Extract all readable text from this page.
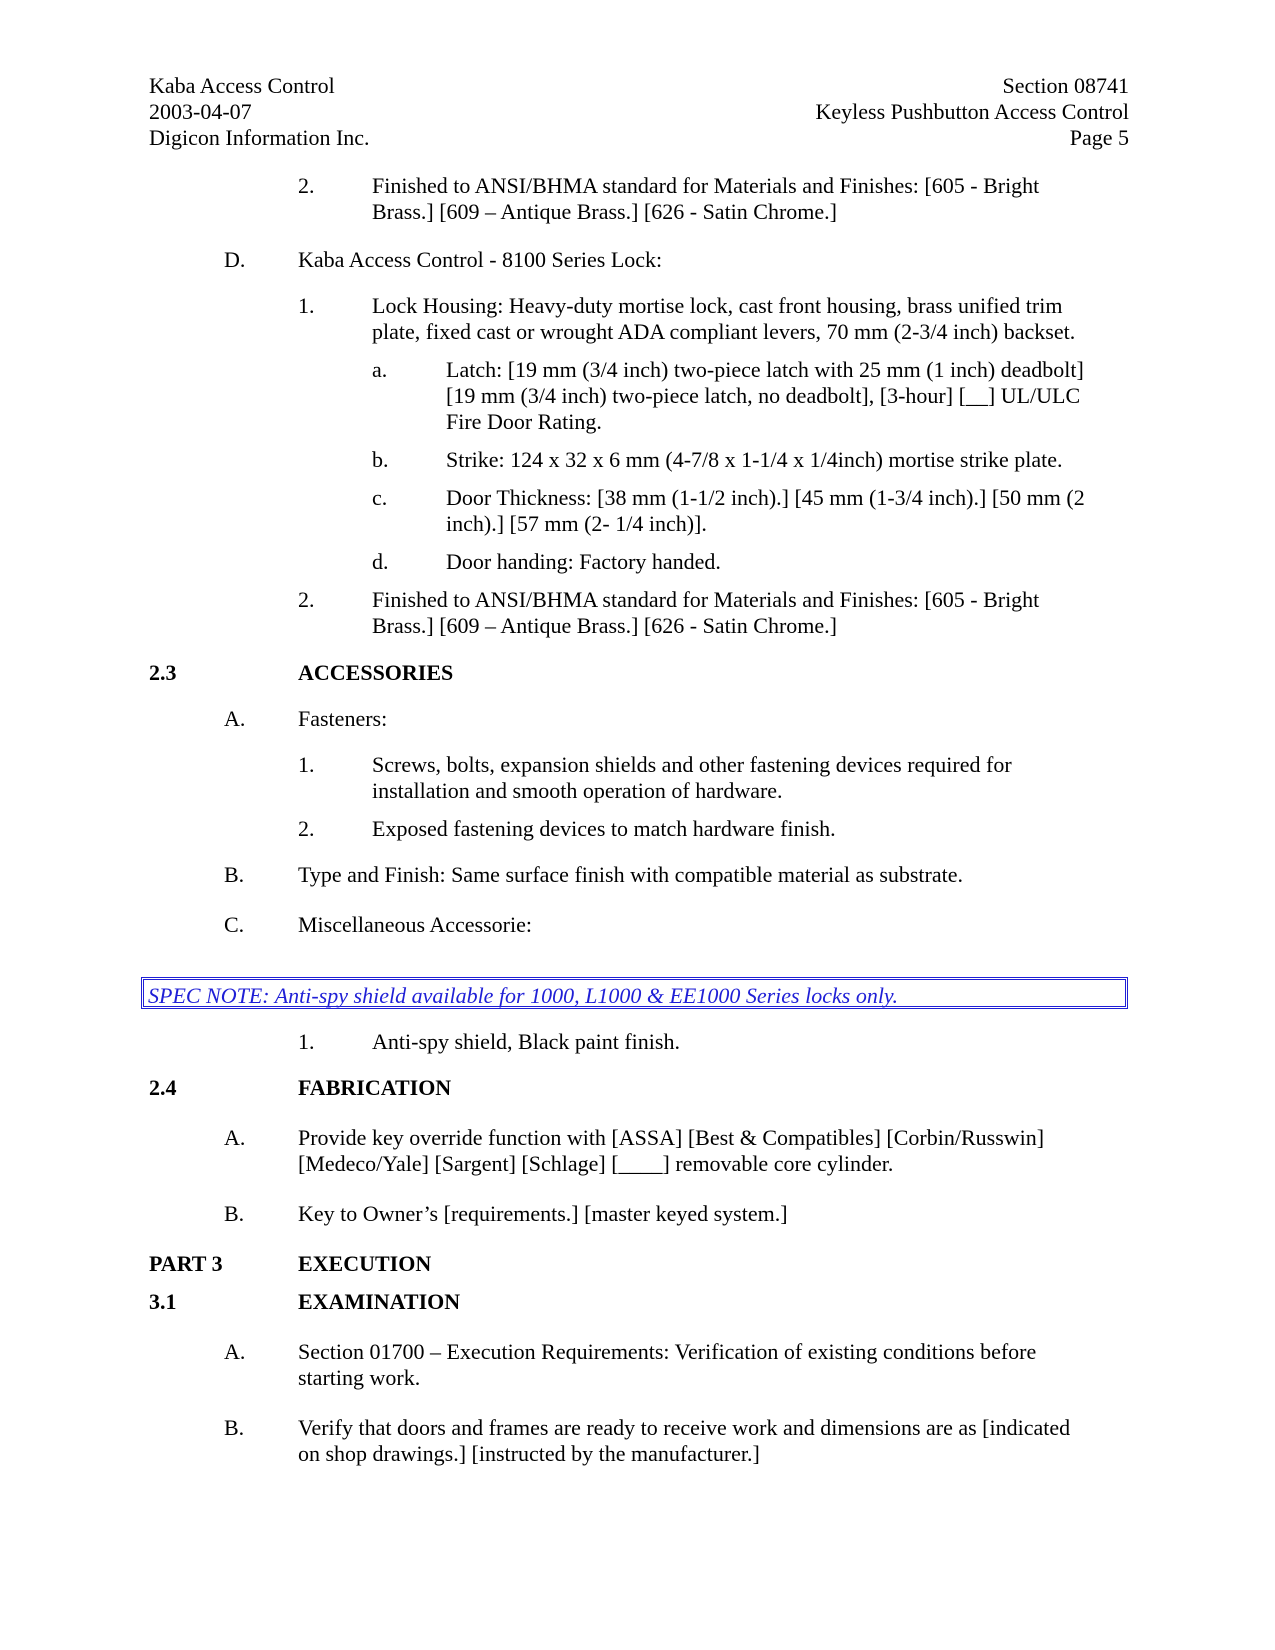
Kaba Access Control
2003-04-07
Digicon Information Inc.
Section 08741
Keyless Pushbutton Access Control
Page 5
2.	Finished to ANSI/BHMA standard for Materials and Finishes: [605 - Bright
Brass.] [609 – Antique Brass.] [626 - Satin Chrome.]
D. Kaba Access Control - 8100 Series Lock:
1.	Lock Housing: Heavy-duty mortise lock, cast front housing, brass unified trim
plate, fixed cast or wrought ADA compliant levers, 70 mm (2-3/4 inch) backset.
a.	Latch: [19 mm (3/4 inch) two-piece latch with 25 mm (1 inch) deadbolt]
[19 mm (3/4 inch) two-piece latch, no deadbolt], [3-hour] [__] UL/ULC
Fire Door Rating.
b.	Strike: 124 x 32 x 6 mm (4-7/8 x 1-1/4 x 1/4inch) mortise strike plate.
c.	Door Thickness: [38 mm (1-1/2 inch).] [45 mm (1-3/4 inch).] [50 mm (2
inch).] [57 mm (2- 1/4 inch)].
d.	Door handing: Factory handed.
2.	Finished to ANSI/BHMA standard for Materials and Finishes: [605 - Bright
Brass.] [609 – Antique Brass.] [626 - Satin Chrome.]
2.3	ACCESSORIES
A. Fasteners:
1.	Screws, bolts, expansion shields and other fastening devices required for
installation and smooth operation of hardware.
2.	Exposed fastening devices to match hardware finish.
B. Type and Finish: Same surface finish with compatible material as substrate.
C. Miscellaneous Accessorie:
SPEC NOTE: Anti-spy shield available for 1000, L1000 & EE1000 Series locks only.
1.	Anti-spy shield, Black paint finish.
2.4	FABRICATION
A. Provide key override function with [ASSA] [Best & Compatibles] [Corbin/Russwin]
[Medeco/Yale] [Sargent] [Schlage] [____] removable core cylinder.
B. Key to Owner’s [requirements.] [master keyed system.]
PART 3	EXECUTION
3.1	EXAMINATION
A. Section 01700 – Execution Requirements: Verification of existing conditions before
starting work.
B. Verify that doors and frames are ready to receive work and dimensions are as [indicated
on shop drawings.] [instructed by the manufacturer.]
